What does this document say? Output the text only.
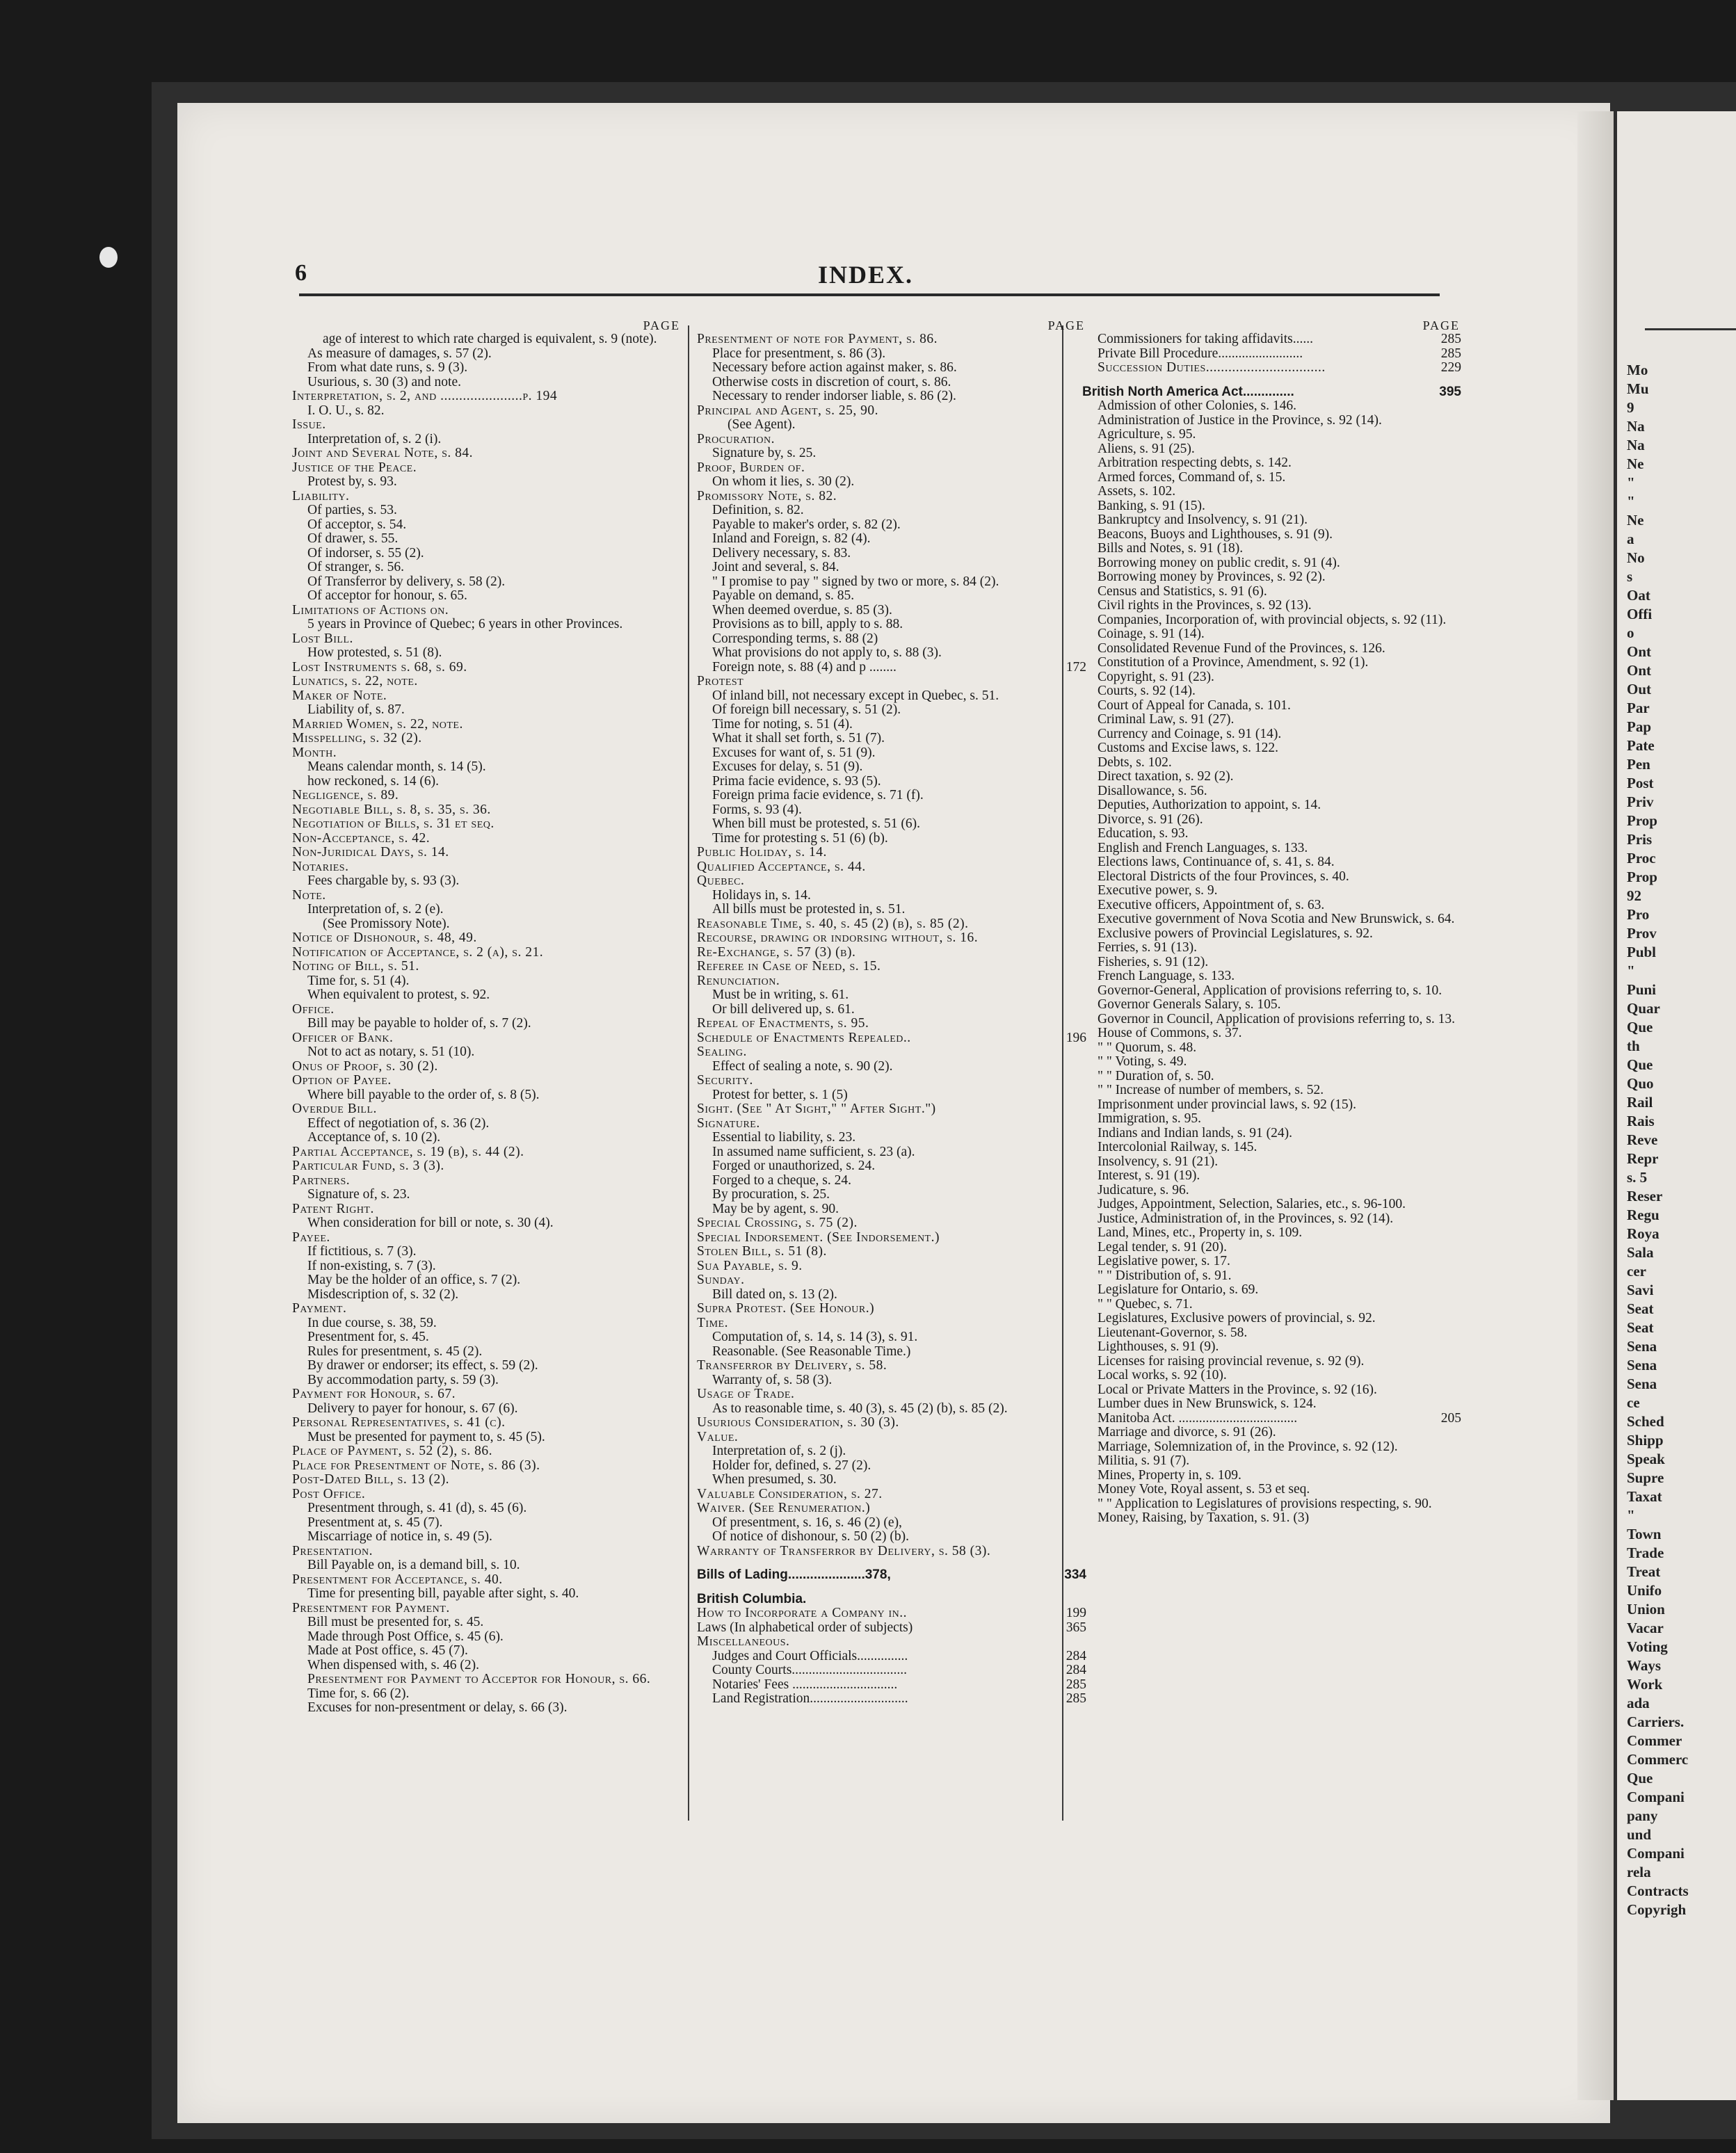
Mo
Mu
9
Na
Na
Ne
"
"
Ne
a
No
s
Oat
Offi
o
Ont
Ont
Out
Par
Pap
Pate
Pen
Post
Priv
Prop
Pris
Proc
Prop
92
Pro
Prov
Publ
"
Puni
Quar
Que
th
Que
Quo
Rail
Rais
Reve
Repr
s. 5
Reser
Regu
Roya
Sala
cer
Savi
Seat
Seat
Sena
Sena
Sena
ce
Sched
Shipp
Speak
Supre
Taxat
"
Town
Trade
Treat
Unifo
Union
Vacar
Voting
Ways
Work
ada
Carriers.
Commer
Commerc
Que
Compani
pany
und
Compani
rela
Contracts
Copyrigh
6	INDEX.
PAGE
age of interest to which rate charged is equivalent, s. 9 (note).
As measure of damages, s. 57 (2).
From what date runs, s. 9 (3).
Usurious, s. 30 (3) and note.
Interpretation, s. 2, and ......................p. 194
I. O. U., s. 82.
Issue.
Interpretation of, s. 2 (i).
Joint and Several Note, s. 84.
Justice of the Peace.
Protest by, s. 93.
Liability.
Of parties, s. 53.
Of acceptor, s. 54.
Of drawer, s. 55.
Of indorser, s. 55 (2).
Of stranger, s. 56.
Of Transferror by delivery, s. 58 (2).
Of acceptor for honour, s. 65.
Limitations of Actions on.
5 years in Province of Quebec; 6 years in other Provinces.
Lost Bill.
How protested, s. 51 (8).
Lost Instruments s. 68, s. 69.
Lunatics, s. 22, note.
Maker of Note.
Liability of, s. 87.
Married Women, s. 22, note.
Misspelling, s. 32 (2).
Month.
Means calendar month, s. 14 (5).
how reckoned, s. 14 (6).
Negligence, s. 89.
Negotiable Bill, s. 8, s. 35, s. 36.
Negotiation of Bills, s. 31 et seq.
Non-Acceptance, s. 42.
Non-Juridical Days, s. 14.
Notaries.
Fees chargable by, s. 93 (3).
Note.
Interpretation of, s. 2 (e).
(See Promissory Note).
Notice of Dishonour, s. 48, 49.
Notification of Acceptance, s. 2 (a), s. 21.
Noting of Bill, s. 51.
Time for, s. 51 (4).
When equivalent to protest, s. 92.
Office.
Bill may be payable to holder of, s. 7 (2).
Officer of Bank.
Not to act as notary, s. 51 (10).
Onus of Proof, s. 30 (2).
Option of Payee.
Where bill payable to the order of, s. 8 (5).
Overdue Bill.
Effect of negotiation of, s. 36 (2).
Acceptance of, s. 10 (2).
Partial Acceptance, s. 19 (b), s. 44 (2).
Particular Fund, s. 3 (3).
Partners.
Signature of, s. 23.
Patent Right.
When consideration for bill or note, s. 30 (4).
Payee.
If fictitious, s. 7 (3).
If non-existing, s. 7 (3).
May be the holder of an office, s. 7 (2).
Misdescription of, s. 32 (2).
Payment.
In due course, s. 38, 59.
Presentment for, s. 45.
Rules for presentment, s. 45 (2).
By drawer or endorser; its effect, s. 59 (2).
By accommodation party, s. 59 (3).
Payment for Honour, s. 67.
Delivery to payer for honour, s. 67 (6).
Personal Representatives, s. 41 (c).
Must be presented for payment to, s. 45 (5).
Place of Payment, s. 52 (2), s. 86.
Place for Presentment of Note, s. 86 (3).
Post-Dated Bill, s. 13 (2).
Post Office.
Presentment through, s. 41 (d), s. 45 (6).
Presentment at, s. 45 (7).
Miscarriage of notice in, s. 49 (5).
Presentation.
Bill Payable on, is a demand bill, s. 10.
Presentment for Acceptance, s. 40.
Time for presenting bill, payable after sight, s. 40.
Presentment for Payment.
Bill must be presented for, s. 45.
Made through Post Office, s. 45 (6).
Made at Post office, s. 45 (7).
When dispensed with, s. 46 (2).
Presentment for Payment to Acceptor for Honour, s. 66.
Time for, s. 66 (2).
Excuses for non-presentment or delay, s. 66 (3).
PAGE
Presentment of note for Payment, s. 86.
Place for presentment, s. 86 (3).
Necessary before action against maker, s. 86.
Otherwise costs in discretion of court, s. 86.
Necessary to render indorser liable, s. 86 (2).
Principal and Agent, s. 25, 90.
(See Agent).
Procuration.
Signature by, s. 25.
Proof, Burden of.
On whom it lies, s. 30 (2).
Promissory Note, s. 82.
Definition, s. 82.
Payable to maker's order, s. 82 (2).
Inland and Foreign, s. 82 (4).
Delivery necessary, s. 83.
Joint and several, s. 84.
" I promise to pay " signed by two or more, s. 84 (2).
Payable on demand, s. 85.
When deemed overdue, s. 85 (3).
Provisions as to bill, apply to s. 88.
Corresponding terms, s. 88 (2)
What provisions do not apply to, s. 88 (3).
Foreign note, s. 88 (4) and p ........	172
Protest
Of inland bill, not necessary except in Quebec, s. 51.
Of foreign bill necessary, s. 51 (2).
Time for noting, s. 51 (4).
What it shall set forth, s. 51 (7).
Excuses for want of, s. 51 (9).
Excuses for delay, s. 51 (9).
Prima facie evidence, s. 93 (5).
Foreign prima facie evidence, s. 71 (f).
Forms, s. 93 (4).
When bill must be protested, s. 51 (6).
Time for protesting s. 51 (6) (b).
Public Holiday, s. 14.
Qualified Acceptance, s. 44.
Quebec.
Holidays in, s. 14.
All bills must be protested in, s. 51.
Reasonable Time, s. 40, s. 45 (2) (b), s. 85 (2).
Recourse, drawing or indorsing without, s. 16.
Re-Exchange, s. 57 (3) (b).
Referee in Case of Need, s. 15.
Renunciation.
Must be in writing, s. 61.
Or bill delivered up, s. 61.
Repeal of Enactments, s. 95.
Schedule of Enactments Repealed..	196
Sealing.
Effect of sealing a note, s. 90 (2).
Security.
Protest for better, s. 1 (5)
Sight. (See " At Sight," " After Sight.")
Signature.
Essential to liability, s. 23.
In assumed name sufficient, s. 23 (a).
Forged or unauthorized, s. 24.
Forged to a cheque, s. 24.
By procuration, s. 25.
May be by agent, s. 90.
Special Crossing, s. 75 (2).
Special Indorsement. (See Indorsement.)
Stolen Bill, s. 51 (8).
Sua Payable, s. 9.
Sunday.
Bill dated on, s. 13 (2).
Supra Protest. (See Honour.)
Time.
Computation of, s. 14, s. 14 (3), s. 91.
Reasonable. (See Reasonable Time.)
Transferror by Delivery, s. 58.
Warranty of, s. 58 (3).
Usage of Trade.
As to reasonable time, s. 40 (3), s. 45 (2) (b), s. 85 (2).
Usurious Consideration, s. 30 (3).
Value.
Interpretation of, s. 2 (j).
Holder for, defined, s. 27 (2).
When presumed, s. 30.
Valuable Consideration, s. 27.
Waiver. (See Renumeration.)
Of presentment, s. 16, s. 46 (2) (e),
Of notice of dishonour, s. 50 (2) (b).
Warranty of Transferror by Delivery, s. 58 (3).
Bills of Lading.....................378,	334
British Columbia.
How to Incorporate a Company in..	199
Laws (In alphabetical order of subjects)	365
Miscellaneous.
Judges and Court Officials...............	284
County Courts..................................	284
Notaries' Fees ...............................	285
Land Registration.............................	285
PAGE
Commissioners for taking affidavits......	285
Private Bill Procedure.........................	285
Succession Duties................................	229
British North America Act..............	395
Admission of other Colonies, s. 146.
Administration of Justice in the Province, s. 92 (14).
Agriculture, s. 95.
Aliens, s. 91 (25).
Arbitration respecting debts, s. 142.
Armed forces, Command of, s. 15.
Assets, s. 102.
Banking, s. 91 (15).
Bankruptcy and Insolvency, s. 91 (21).
Beacons, Buoys and Lighthouses, s. 91 (9).
Bills and Notes, s. 91 (18).
Borrowing money on public credit, s. 91 (4).
Borrowing money by Provinces, s. 92 (2).
Census and Statistics, s. 91 (6).
Civil rights in the Provinces, s. 92 (13).
Companies, Incorporation of, with provincial objects, s. 92 (11).
Coinage, s. 91 (14).
Consolidated Revenue Fund of the Provinces, s. 126.
Constitution of a Province, Amendment, s. 92 (1).
Copyright, s. 91 (23).
Courts, s. 92 (14).
Court of Appeal for Canada, s. 101.
Criminal Law, s. 91 (27).
Currency and Coinage, s. 91 (14).
Customs and Excise laws, s. 122.
Debts, s. 102.
Direct taxation, s. 92 (2).
Disallowance, s. 56.
Deputies, Authorization to appoint, s. 14.
Divorce, s. 91 (26).
Education, s. 93.
English and French Languages, s. 133.
Elections laws, Continuance of, s. 41, s. 84.
Electoral Districts of the four Provinces, s. 40.
Executive power, s. 9.
Executive officers, Appointment of, s. 63.
Executive government of Nova Scotia and New Brunswick, s. 64.
Exclusive powers of Provincial Legislatures, s. 92.
Ferries, s. 91 (13).
Fisheries, s. 91 (12).
French Language, s. 133.
Governor-General, Application of provisions referring to, s. 10.
Governor Generals Salary, s. 105.
Governor in Council, Application of provisions referring to, s. 13.
House of Commons, s. 37.
" " Quorum, s. 48.
" " Voting, s. 49.
" " Duration of, s. 50.
" " Increase of number of members, s. 52.
Imprisonment under provincial laws, s. 92 (15).
Immigration, s. 95.
Indians and Indian lands, s. 91 (24).
Intercolonial Railway, s. 145.
Insolvency, s. 91 (21).
Interest, s. 91 (19).
Judicature, s. 96.
Judges, Appointment, Selection, Salaries, etc., s. 96-100.
Justice, Administration of, in the Provinces, s. 92 (14).
Land, Mines, etc., Property in, s. 109.
Legal tender, s. 91 (20).
Legislative power, s. 17.
" " Distribution of, s. 91.
Legislature for Ontario, s. 69.
" " Quebec, s. 71.
Legislatures, Exclusive powers of provincial, s. 92.
Lieutenant-Governor, s. 58.
Lighthouses, s. 91 (9).
Licenses for raising provincial revenue, s. 92 (9).
Local works, s. 92 (10).
Local or Private Matters in the Province, s. 92 (16).
Lumber dues in New Brunswick, s. 124.
Manitoba Act. ...................................	205
Marriage and divorce, s. 91 (26).
Marriage, Solemnization of, in the Province, s. 92 (12).
Militia, s. 91 (7).
Mines, Property in, s. 109.
Money Vote, Royal assent, s. 53 et seq.
" " Application to Legislatures of provisions respecting, s. 90.
Money, Raising, by Taxation, s. 91. (3)
